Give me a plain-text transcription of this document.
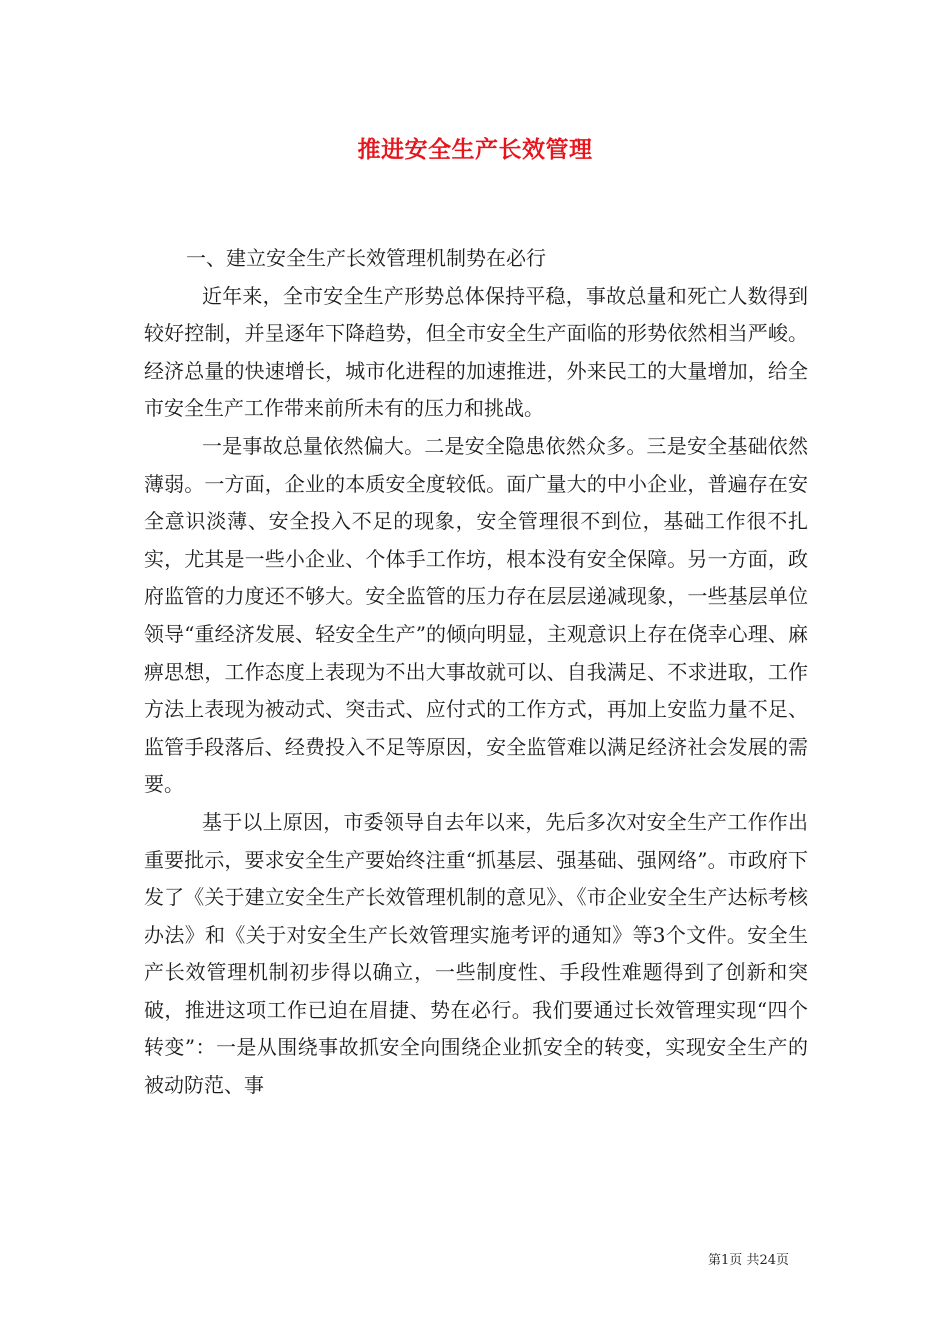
推进安全生产长效管理

一、建立安全生产长效管理机制势在必行

近年来，全市安全生产形势总体保持平稳，事故总量和死亡人数得到较好控制，并呈逐年下降趋势，但全市安全生产面临的形势依然相当严峻。经济总量的快速增长，城市化进程的加速推进，外来民工的大量增加，给全市安全生产工作带来前所未有的压力和挑战。

一是事故总量依然偏大。二是安全隐患依然众多。三是安全基础依然薄弱。一方面，企业的本质安全度较低。面广量大的中小企业，普遍存在安全意识淡薄、安全投入不足的现象，安全管理很不到位，基础工作很不扎实，尤其是一些小企业、个体手工作坊，根本没有安全保障。另一方面，政府监管的力度还不够大。安全监管的压力存在层层递减现象，一些基层单位领导“重经济发展、轻安全生产”的倾向明显，主观意识上存在侥幸心理、麻痹思想，工作态度上表现为不出大事故就可以、自我满足、不求进取，工作方法上表现为被动式、突击式、应付式的工作方式，再加上安监力量不足、监管手段落后、经费投入不足等原因，安全监管难以满足经济社会发展的需要。

基于以上原因，市委领导自去年以来，先后多次对安全生产工作作出重要批示，要求安全生产要始终注重“抓基层、强基础、强网络”。市政府下发了《关于建立安全生产长效管理机制的意见》、《市企业安全生产达标考核办法》和《关于对安全生产长效管理实施考评的通知》等3个文件。安全生产长效管理机制初步得以确立，一些制度性、手段性难题得到了创新和突破，推进这项工作已迫在眉捷、势在必行。我们要通过长效管理实现“四个转变”：一是从围绕事故抓安全向围绕企业抓安全的转变，实现安全生产的被动防范、事

第1页 共24页
